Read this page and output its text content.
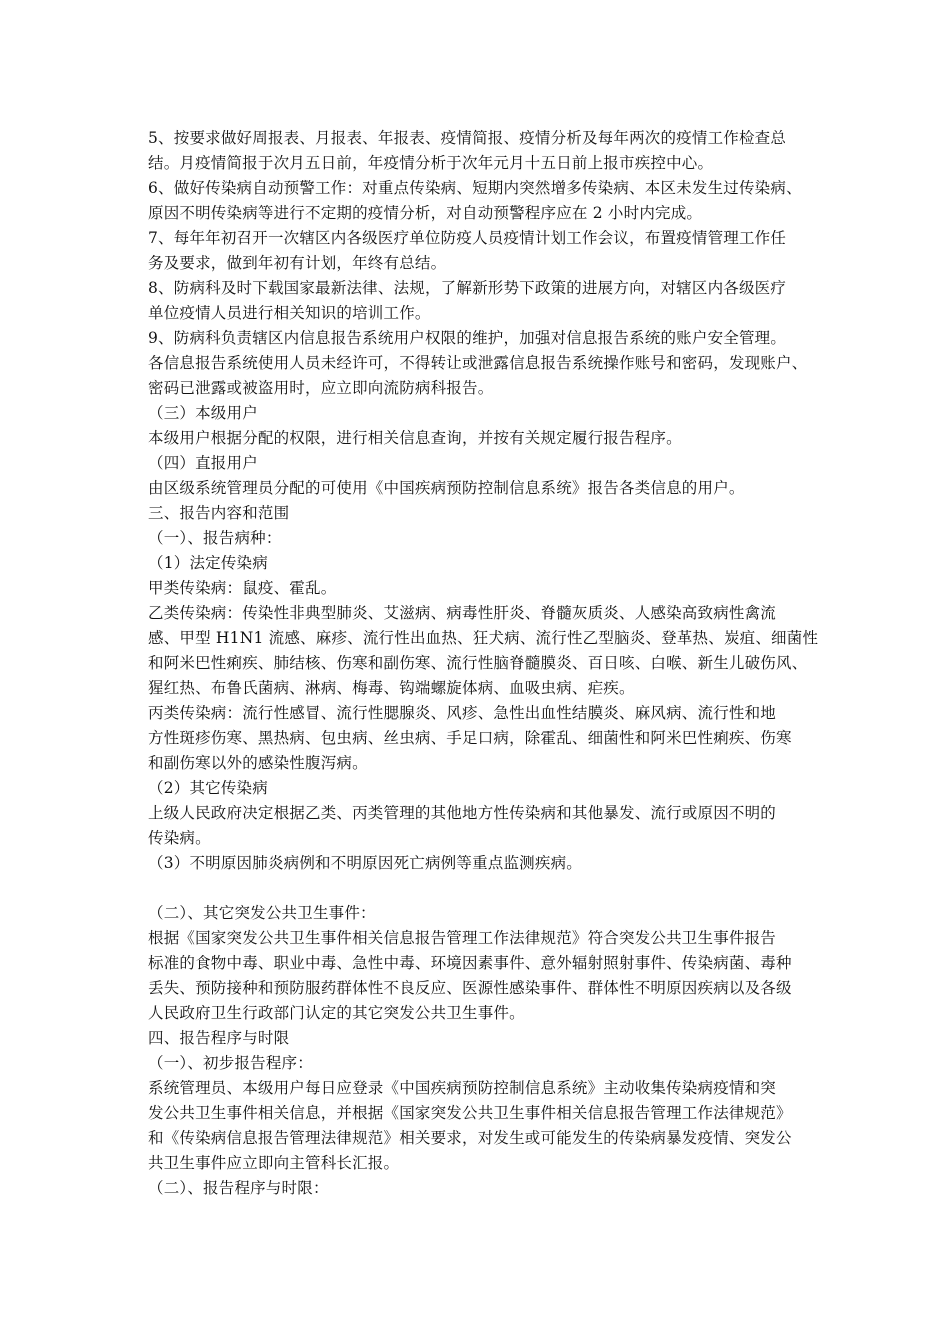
5、按要求做好周报表、月报表、年报表、疫情简报、疫情分析及每年两次的疫情工作检查总
结。月疫情简报于次月五日前，年疫情分析于次年元月十五日前上报市疾控中心。
6、做好传染病自动预警工作：对重点传染病、短期内突然增多传染病、本区未发生过传染病、
原因不明传染病等进行不定期的疫情分析，对自动预警程序应在 2 小时内完成。
7、每年年初召开一次辖区内各级医疗单位防疫人员疫情计划工作会议，布置疫情管理工作任
务及要求，做到年初有计划，年终有总结。
8、防病科及时下载国家最新法律、法规，了解新形势下政策的进展方向，对辖区内各级医疗
单位疫情人员进行相关知识的培训工作。
9、防病科负责辖区内信息报告系统用户权限的维护，加强对信息报告系统的账户安全管理。
各信息报告系统使用人员未经许可，不得转让或泄露信息报告系统操作账号和密码，发现账户、
密码已泄露或被盗用时，应立即向流防病科报告。
（三）本级用户
本级用户根据分配的权限，进行相关信息查询，并按有关规定履行报告程序。
（四）直报用户
由区级系统管理员分配的可使用《中国疾病预防控制信息系统》报告各类信息的用户。
三、报告内容和范围
（一）、报告病种：
（1）法定传染病
甲类传染病：鼠疫、霍乱。
乙类传染病：传染性非典型肺炎、艾滋病、病毒性肝炎、脊髓灰质炎、人感染高致病性禽流
感、甲型 H1N1 流感、麻疹、流行性出血热、狂犬病、流行性乙型脑炎、登革热、炭疽、细菌性
和阿米巴性痢疾、肺结核、伤寒和副伤寒、流行性脑脊髓膜炎、百日咳、白喉、新生儿破伤风、
猩红热、布鲁氏菌病、淋病、梅毒、钩端螺旋体病、血吸虫病、疟疾。
丙类传染病：流行性感冒、流行性腮腺炎、风疹、急性出血性结膜炎、麻风病、流行性和地
方性斑疹伤寒、黑热病、包虫病、丝虫病、手足口病，除霍乱、细菌性和阿米巴性痢疾、伤寒
和副伤寒以外的感染性腹泻病。
（2）其它传染病
上级人民政府决定根据乙类、丙类管理的其他地方性传染病和其他暴发、流行或原因不明的
传染病。
（3）不明原因肺炎病例和不明原因死亡病例等重点监测疾病。
（二）、其它突发公共卫生事件：
根据《国家突发公共卫生事件相关信息报告管理工作法律规范》符合突发公共卫生事件报告
标准的食物中毒、职业中毒、急性中毒、环境因素事件、意外辐射照射事件、传染病菌、毒种
丢失、预防接种和预防服药群体性不良反应、医源性感染事件、群体性不明原因疾病以及各级
人民政府卫生行政部门认定的其它突发公共卫生事件。
四、报告程序与时限
（一）、初步报告程序：
系统管理员、本级用户每日应登录《中国疾病预防控制信息系统》主动收集传染病疫情和突
发公共卫生事件相关信息，并根据《国家突发公共卫生事件相关信息报告管理工作法律规范》
和《传染病信息报告管理法律规范》相关要求，对发生或可能发生的传染病暴发疫情、突发公
共卫生事件应立即向主管科长汇报。
（二）、报告程序与时限：
